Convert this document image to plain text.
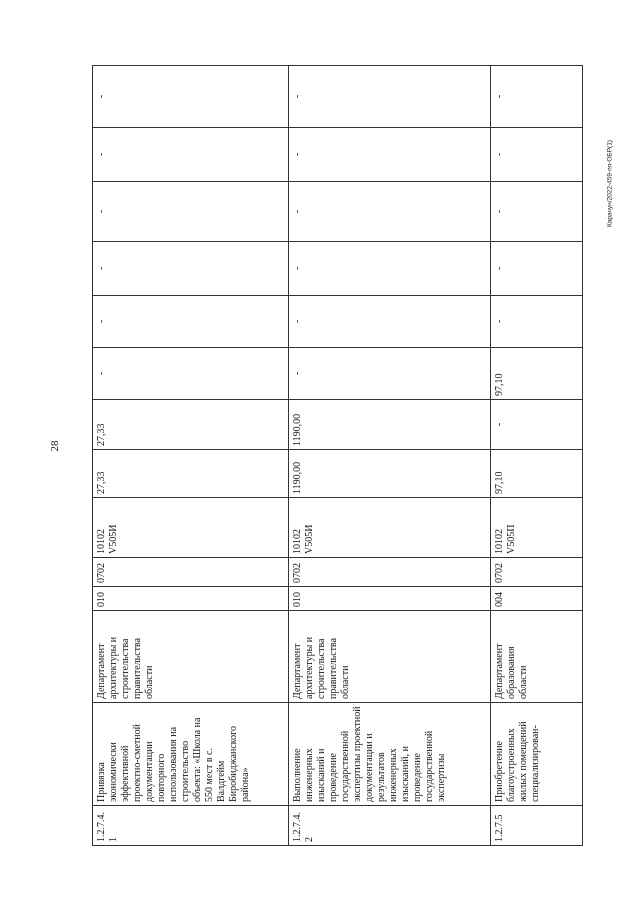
28
Карачун/2022-459-пп-ОБР(1)
1.2.7.4.1	Привязка экономически эффективной проектно-сметной документации повторного использования на строительство объекта: «Школа на 550 мест в с. Валдгейм Биробиджанского района»	Департамент архитектуры и строительства правительства области	010	0702	10102 V505И	27,33	27,33	-	-	-	-	-	-
1.2.7.4.2	Выполнение инженерных изысканий и проведение государственной экспертизы проектной документации и результатов инженерных изысканий, и проведение государственной экспертизы	Департамент архитектуры и строительства правительства области	010	0702	10102 V505И	1190,00	1190,00	-	-	-	-	-	-
1.2.7.5	Приобретение благоустроенных жилых помещений специализирован-	Департамент образования области	004	0702	10102 V505П	97,10	-	97,10	-	-	-	-	-
